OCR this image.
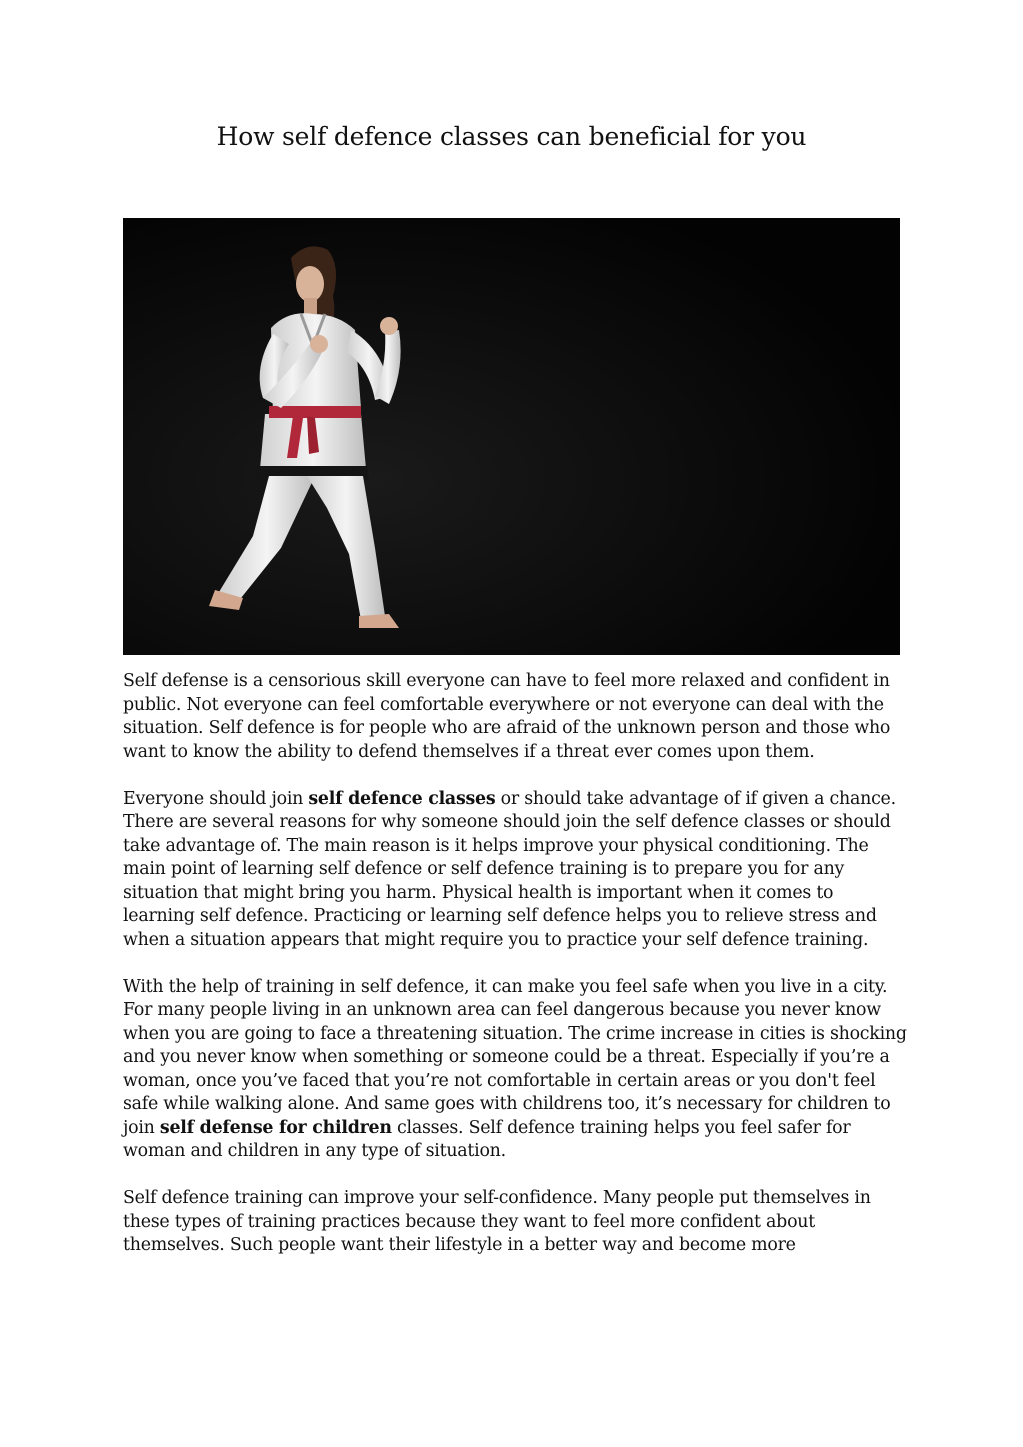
How self defence classes can beneficial for you

Self defense is a censorious skill everyone can have to feel more relaxed and confident in public. Not everyone can feel comfortable everywhere or not everyone can deal with the situation. Self defence is for people who are afraid of the unknown person and those who want to know the ability to defend themselves if a threat ever comes upon them.

Everyone should join self defence classes or should take advantage of if given a chance. There are several reasons for why someone should join the self defence classes or should take advantage of. The main reason is it helps improve your physical conditioning. The main point of learning self defence or self defence training is to prepare you for any situation that might bring you harm. Physical health is important when it comes to learning self defence. Practicing or learning self defence helps you to relieve stress and when a situation appears that might require you to practice your self defence training.

With the help of training in self defence, it can make you feel safe when you live in a city. For many people living in an unknown area can feel dangerous because you never know when you are going to face a threatening situation. The crime increase in cities is shocking and you never know when something or someone could be a threat. Especially if you’re a woman, once you’ve faced that you’re not comfortable in certain areas or you don't feel safe while walking alone. And same goes with childrens too, it’s necessary for children to join self defense for children classes. Self defence training helps you feel safer for woman and children in any type of situation.

Self defence training can improve your self-confidence. Many people put themselves in these types of training practices because they want to feel more confident about themselves. Such people want their lifestyle in a better way and become more
